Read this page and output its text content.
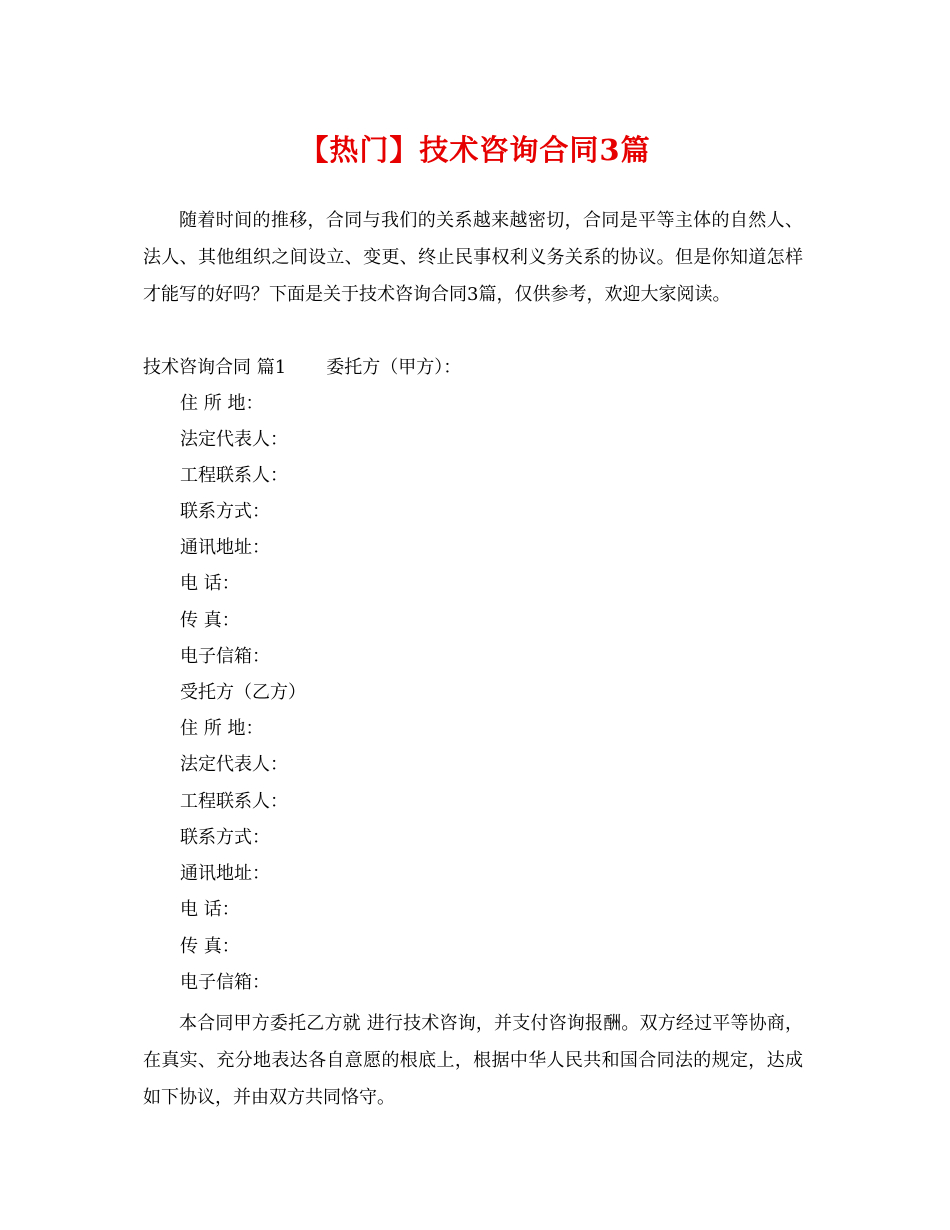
【热门】技术咨询合同3篇

随着时间的推移，合同与我们的关系越来越密切，合同是平等主体的自然人、法人、其他组织之间设立、变更、终止民事权利义务关系的协议。但是你知道怎样才能写的好吗？下面是关于技术咨询合同3篇，仅供参考，欢迎大家阅读。

技术咨询合同 篇1 委托方（甲方）：
住 所 地：
法定代表人：
工程联系人：
联系方式：
通讯地址：
电 话：
传 真：
电子信箱：
受托方（乙方）
住 所 地：
法定代表人：
工程联系人：
联系方式：
通讯地址：
电 话：
传 真：
电子信箱：

本合同甲方委托乙方就 进行技术咨询，并支付咨询报酬。双方经过平等协商，在真实、充分地表达各自意愿的根底上，根据中华人民共和国合同法的规定，达成如下协议，并由双方共同恪守。
